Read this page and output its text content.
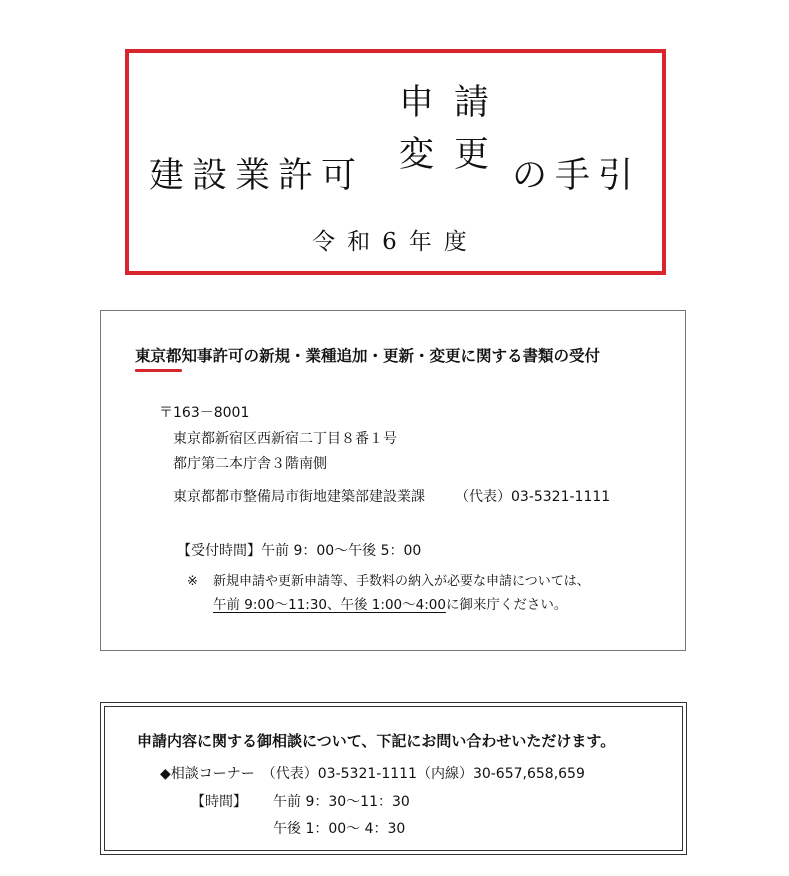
建設業許可
申請
変更
の手引
令和6年度
東京都
知事許可の新規・業種追加・更新・変更に関する書類の受付
〒163－8001
東京都新宿区西新宿二丁目８番１号
都庁第二本庁舎３階南側
東京都都市整備局市街地建築部建設業課 （代表）03-5321-1111
【受付時間】午前 9：00～午後 5：00
※ 新規申請や更新申請等、手数料の納入が必要な申請については、
午前 9:00～11:30、午後 1:00～4:00に御来庁ください。
申請内容に関する御相談について、下記にお問い合わせいただけます。
◆相談コーナー　（代表）03-5321-1111（内線）30-657,658,659
【時間】 午前 9：30～11：30
午後 1：00～ 4：30
